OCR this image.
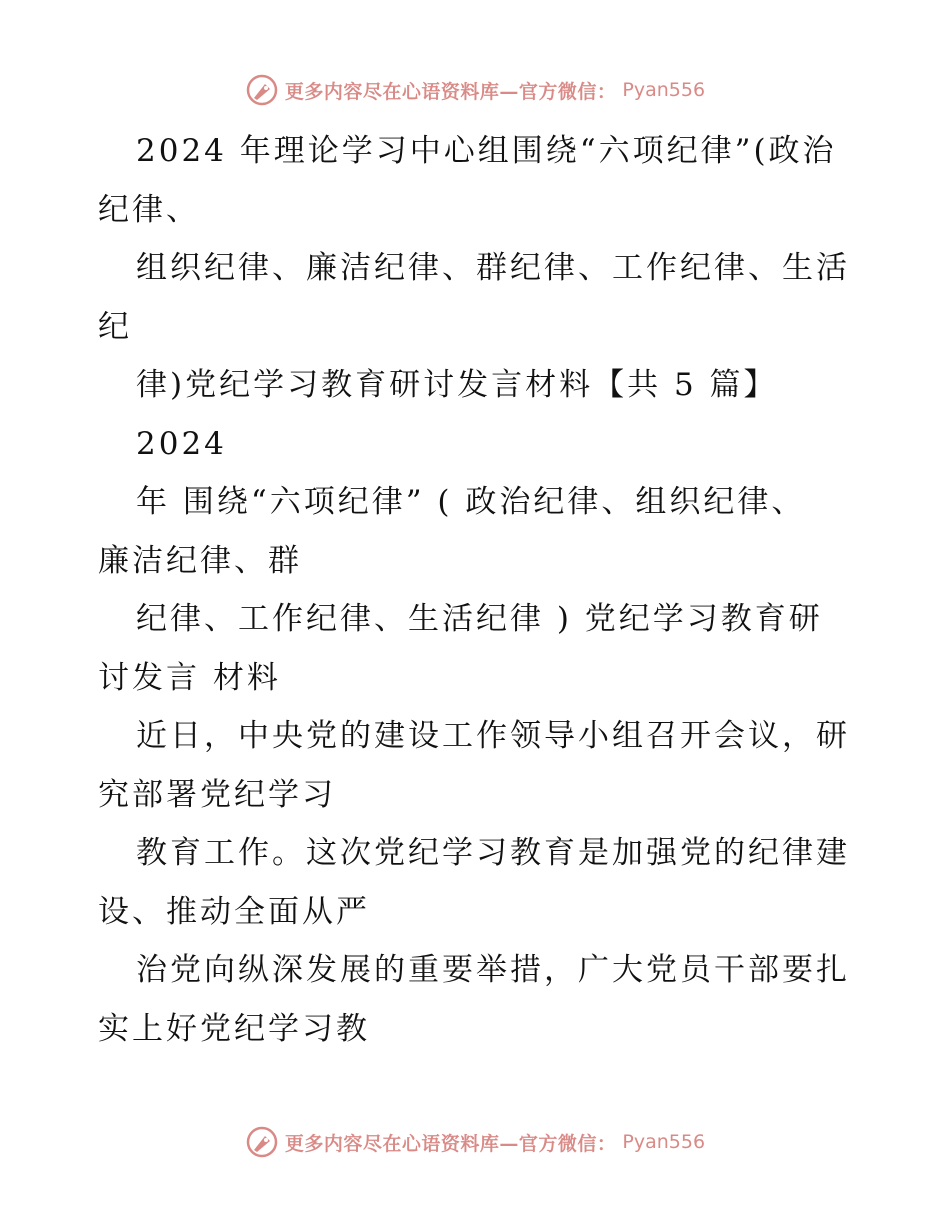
更多内容尽在心语资料库—官方微信： Pyan556
2024 年理论学习中心组围绕“六项纪律”(政治
纪律、
组织纪律、廉洁纪律、群纪律、工作纪律、生活
纪
律)党纪学习教育研讨发言材料【共 5 篇】
2024
年 围绕“六项纪律” ( 政治纪律、组织纪律、
廉洁纪律、群
纪律、工作纪律、生活纪律 ) 党纪学习教育研
讨发言 材料
近日，中央党的建设工作领导小组召开会议，研
究部署党纪学习
教育工作。这次党纪学习教育是加强党的纪律建
设、推动全面从严
治党向纵深发展的重要举措，广大党员干部要扎
实上好党纪学习教
更多内容尽在心语资料库—官方微信： Pyan556
